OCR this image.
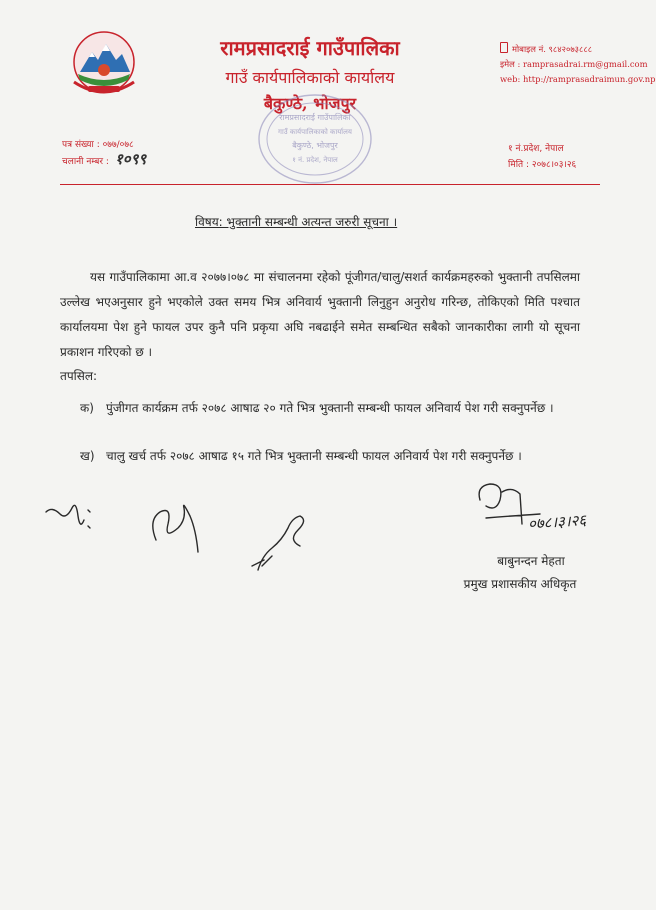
रामप्रसादराई गाउँपालिका
गाउँ कार्यपालिकाको कार्यालय
बैकुण्ठे, भोजपुर
मोबाइल नं. ९८४२०७३८८८
इमेल : ramprasadrai.rm@gmail.com
web: http://ramprasadraimun.gov.np
रामप्रसादराई गाउँपालिका
गाउँ कार्यपालिकाको कार्यालय
बैकुण्ठे, भोजपुर
१ नं. प्रदेश, नेपाल
पत्र संख्या : ०७७/०७८
चलानी नम्बर : १०९९
१ नं.प्रदेश, नेपाल
मिति : २०७८।०३।२६
विषय: भुक्तानी सम्बन्धी अत्यन्त जरुरी सूचना ।
यस गाउँपालिकामा आ.व २०७७।०७८ मा संचालनमा रहेको पूंजीगत/चालु/सशर्त कार्यक्रमहरुको भुक्तानी तपसिलमा उल्लेख भएअनुसार हुने भएकोले उक्त समय भित्र अनिवार्य भुक्तानी लिनुहुन अनुरोध गरिन्छ, तोकिएको मिति पश्चात कार्यालयमा पेश हुने फायल उपर कुनै पनि प्रकृया अघि नबढाईने समेत सम्बन्धित सबैको जानकारीका लागी यो सूचना प्रकाशन गरिएको छ ।
तपसिल:
क)	पुंजीगत कार्यक्रम तर्फ २०७८ आषाढ २० गते भित्र भुक्तानी सम्बन्धी फायल अनिवार्य पेश गरी सक्नुपर्नेछ ।
ख) चालु खर्च तर्फ २०७८ आषाढ १५ गते भित्र भुक्तानी सम्बन्धी फायल अनिवार्य पेश गरी सक्नुपर्नेछ ।
०७८।३।२६
बाबुनन्दन मेहता
प्रमुख प्रशासकीय अधिकृत
